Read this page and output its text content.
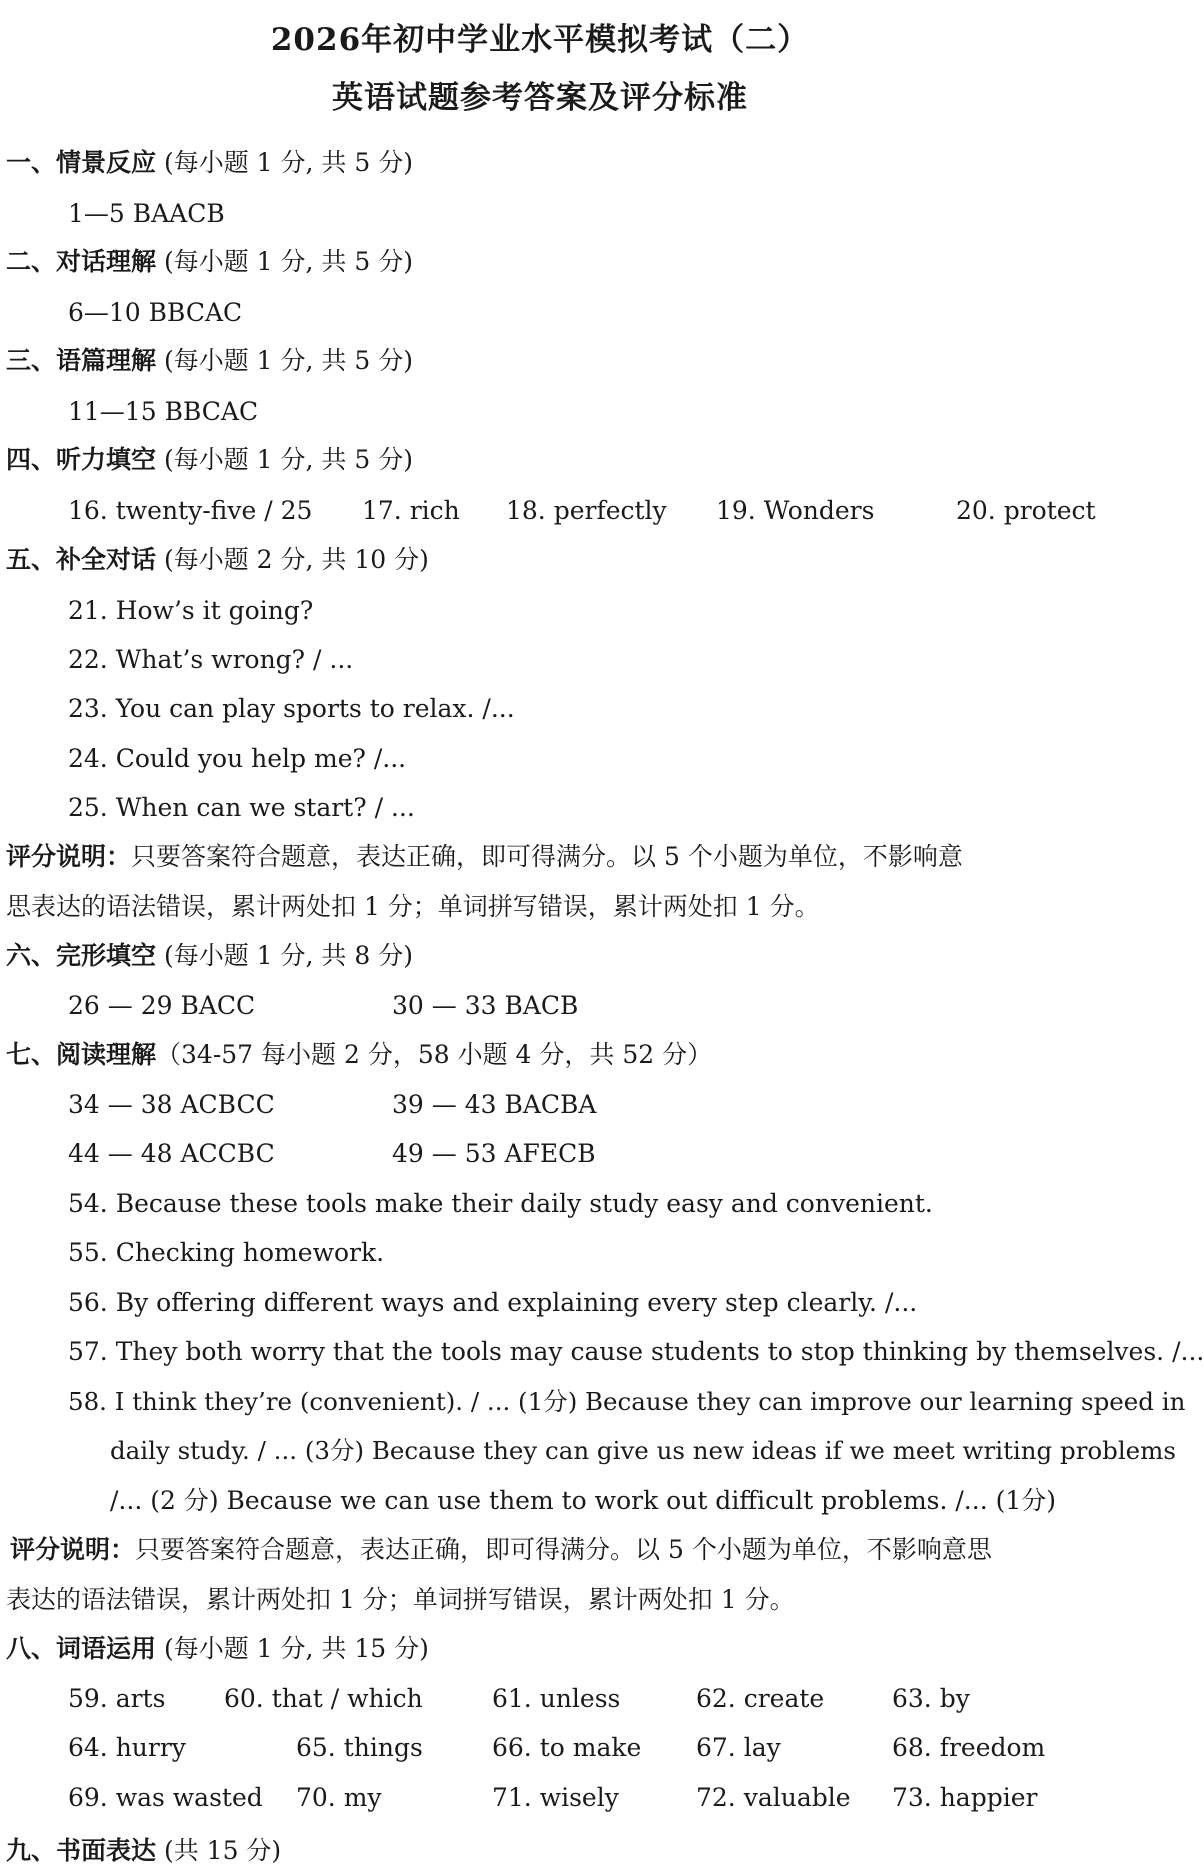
2026年初中学业水平模拟考试（二）
英语试题参考答案及评分标准
一、情景反应 (每小题 1 分, 共 5 分)
1—5 BAACB
二、对话理解 (每小题 1 分, 共 5 分)
6—10 BBCAC
三、语篇理解 (每小题 1 分, 共 5 分)
11—15 BBCAC
四、听力填空 (每小题 1 分, 共 5 分)
16. twenty-five / 25 17. rich 18. perfectly 19. Wonders	20. protect
五、补全对话 (每小题 2 分, 共 10 分)
21. How’s it going?
22. What’s wrong? / ...
23. You can play sports to relax. /...
24. Could you help me? /...
25. When can we start? / ...
评分说明：只要答案符合题意，表达正确，即可得满分。以 5 个小题为单位，不影响意
思表达的语法错误，累计两处扣 1 分；单词拼写错误，累计两处扣 1 分。
六、完形填空 (每小题 1 分, 共 8 分)
26 — 29 BACC	30 — 33 BACB
七、阅读理解（34-57 每小题 2 分，58 小题 4 分，共 52 分）
34 — 38 ACBCC	39 — 43 BACBA
44 — 48 ACCBC	49 — 53 AFECB
54. Because these tools make their daily study easy and convenient.
55. Checking homework.
56. By offering different ways and explaining every step clearly. /...
57. They both worry that the tools may cause students to stop thinking by themselves. /...
58. I think they’re (convenient). / ... (1分) Because they can improve our learning speed in
daily study. / ... (3分) Because they can give us new ideas if we meet writing problems
/... (2 分) Because we can use them to work out difficult problems. /... (1分)
评分说明：只要答案符合题意，表达正确，即可得满分。以 5 个小题为单位，不影响意思
表达的语法错误，累计两处扣 1 分；单词拼写错误，累计两处扣 1 分。
八、词语运用 (每小题 1 分, 共 15 分)
59. arts 60. that / which	61. unless	62. create	63. by
64. hurry	65. things	66. to make 67. lay	68. freedom
69. was wasted 70. my	71. wisely	72. valuable 73. happier
九、书面表达 (共 15 分)
